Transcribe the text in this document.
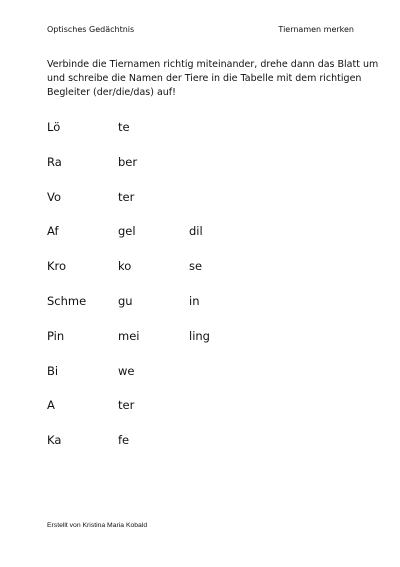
Optisches Gedächtnis	Tiernamen merken

Verbinde die Tiernamen richtig miteinander, drehe dann das Blatt um
und schreibe die Namen der Tiere in die Tabelle mit dem richtigen
Begleiter (der/die/das) auf!

Lö	te
Ra	ber
Vo	ter
Af	gel	dil
Kro	ko	se
Schme	gu	in
Pin	mei	ling
Bi	we
A	ter
Ka	fe
Erstellt von Kristina Maria Kobald
